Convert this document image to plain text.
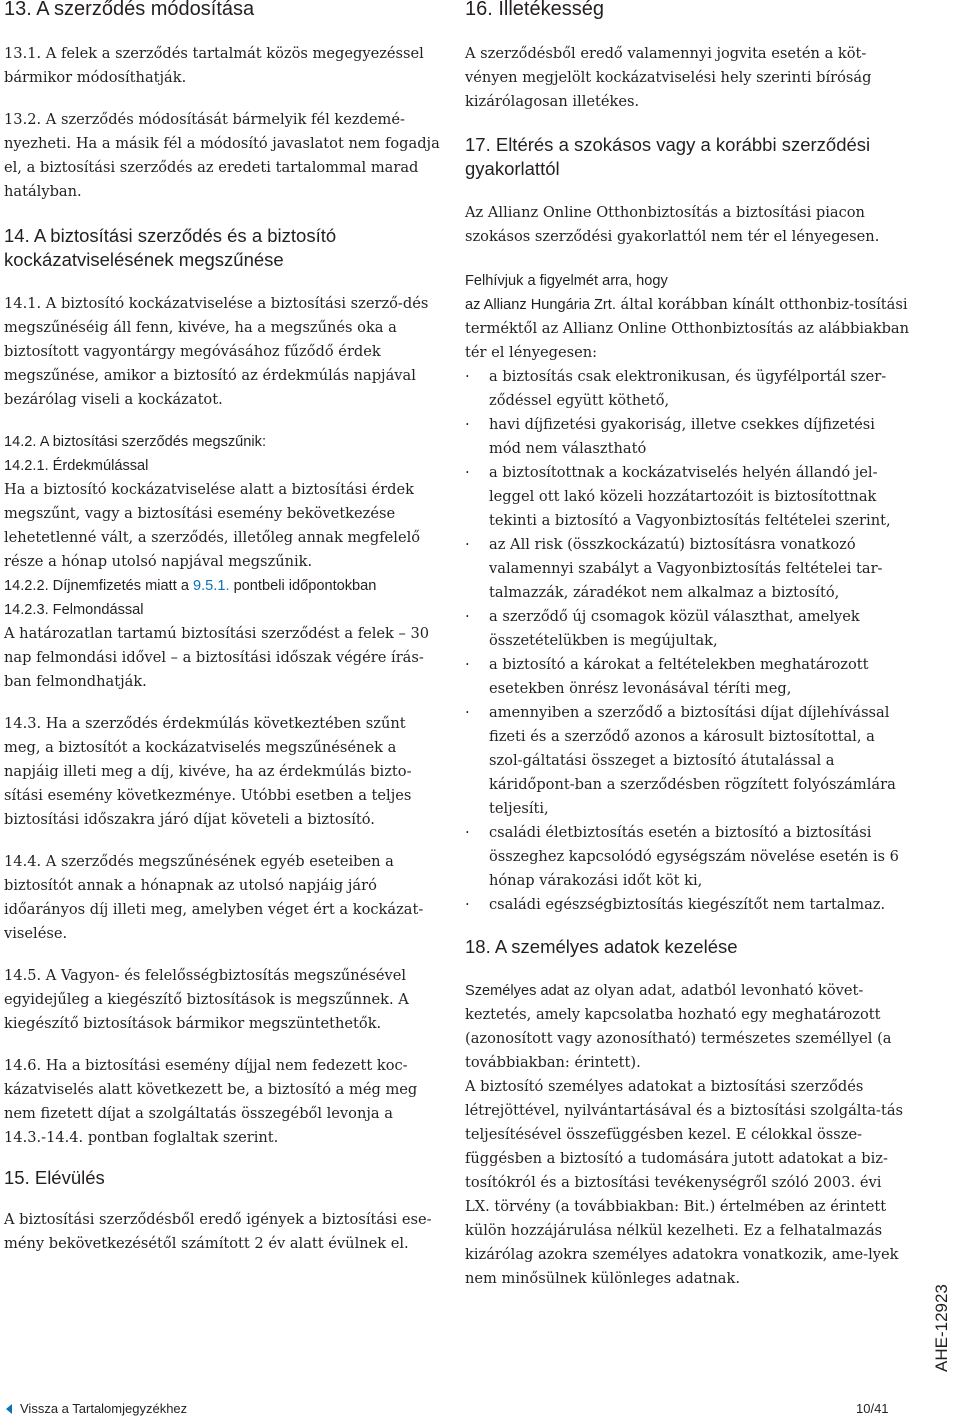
13. A szerződés módosítása

13.1. A felek a szerződés tartalmát közös megegyezéssel bármikor módosíthatják.

13.2. A szerződés módosítását bármelyik fél kezdemé-nyezheti. Ha a másik fél a módosító javaslatot nem fogadja el, a biztosítási szerződés az eredeti tartalommal marad hatályban.

14. A biztosítási szerződés és a biztosító
kockázatviselésének megszűnése

14.1. A biztosító kockázatviselése a biztosítási szerző-dés megszűnéséig áll fenn, kivéve, ha a megszűnés oka a biztosított vagyontárgy megóvásához fűződő érdek megszűnése, amikor a biztosító az érdekmúlás napjával bezárólag viseli a kockázatot.

14.2. A biztosítási szerződés megszűnik:

14.2.1. Érdekmúlással

Ha a biztosító kockázatviselése alatt a biztosítási érdek megszűnt, vagy a biztosítási esemény bekövetkezése lehetetlenné vált, a szerződés, illetőleg annak megfelelő része a hónap utolsó napjával megszűnik.

14.2.2. Díjnemfizetés miatt a 9.5.1. pontbeli időpontokban

14.2.3. Felmondással

A határozatlan tartamú biztosítási szerződést a felek – 30 nap felmondási idővel – a biztosítási időszak végére írás-ban felmondhatják.

14.3. Ha a szerződés érdekmúlás következtében szűnt meg, a biztosítót a kockázatviselés megszűnésének a napjáig illeti meg a díj, kivéve, ha az érdekmúlás bizto-sítási esemény következménye. Utóbbi esetben a teljes biztosítási időszakra járó díjat követeli a biztosító.

14.4. A szerződés megszűnésének egyéb eseteiben a biztosítót annak a hónapnak az utolsó napjáig járó időarányos díj illeti meg, amelyben véget ért a kockázat-viselése.

14.5. A Vagyon- és felelősségbiztosítás megszűnésével egyidejűleg a kiegészítő biztosítások is megszűnnek. A kiegészítő biztosítások bármikor megszüntethetők.

14.6. Ha a biztosítási esemény díjjal nem fedezett koc-kázatviselés alatt következett be, a biztosító a még meg nem fizetett díjat a szolgáltatás összegéből levonja a 14.3.-14.4. pontban foglaltak szerint.

15. Elévülés

A biztosítási szerződésből eredő igények a biztosítási ese-mény bekövetkezésétől számított 2 év alatt évülnek el.

16. Illetékesség

A szerződésből eredő valamennyi jogvita esetén a köt-vényen megjelölt kockázatviselési hely szerinti bíróság kizárólagosan illetékes.

17. Eltérés a szokásos vagy a korábbi szerződési
gyakorlattól

Az Allianz Online Otthonbiztosítás a biztosítási piacon szokásos szerződési gyakorlattól nem tér el lényegesen.

Felhívjuk a figyelmét arra, hogy

az Allianz Hungária Zrt. által korábban kínált otthonbiz-tosítási terméktől az Allianz Online Otthonbiztosítás az alábbiakban tér el lényegesen:

· a biztosítás csak elektronikusan, és ügyfélportál szer-ződéssel együtt köthető,
· havi díjfizetési gyakoriság, illetve csekkes díjfizetési mód nem választható
· a biztosítottnak a kockázatviselés helyén állandó jel-leggel ott lakó közeli hozzátartozóit is biztosítottnak tekinti a biztosító a Vagyonbiztosítás feltételei szerint,
· az All risk (összkockázatú) biztosításra vonatkozó valamennyi szabályt a Vagyonbiztosítás feltételei tar-talmazzák, záradékot nem alkalmaz a biztosító,
· a szerződő új csomagok közül választhat, amelyek összetételükben is megújultak,
· a biztosító a károkat a feltételekben meghatározott esetekben önrész levonásával téríti meg,
· amennyiben a szerződő a biztosítási díjat díjlehívással fizeti és a szerződő azonos a károsult biztosítottal, a szol-gáltatási összeget a biztosító átutalással a káridőpont-ban a szerződésben rögzített folyószámlára teljesíti,
· családi életbiztosítás esetén a biztosító a biztosítási összeghez kapcsolódó egységszám növelése esetén is 6 hónap várakozási időt köt ki,
· családi egészségbiztosítás kiegészítőt nem tartalmaz.
18. A személyes adatok kezelése

Személyes adat az olyan adat, adatból levonható követ-keztetés, amely kapcsolatba hozható egy meghatározott (azonosított vagy azonosítható) természetes személlyel (a továbbiakban: érintett).

A biztosító személyes adatokat a biztosítási szerződés létrejöttével, nyilvántartásával és a biztosítási szolgálta-tás teljesítésével összefüggésben kezel. E célokkal össze-függésben a biztosító a tudomására jutott adatokat a biz-tosítókról és a biztosítási tevékenységről szóló 2003. évi LX. törvény (a továbbiakban: Bit.) értelmében az érintett külön hozzájárulása nélkül kezelheti. Ez a felhatalmazás kizárólag azokra személyes adatokra vonatkozik, ame-lyek nem minősülnek különleges adatnak.

AHE-12923
Vissza a Tartalomjegyzékhez	10/41
